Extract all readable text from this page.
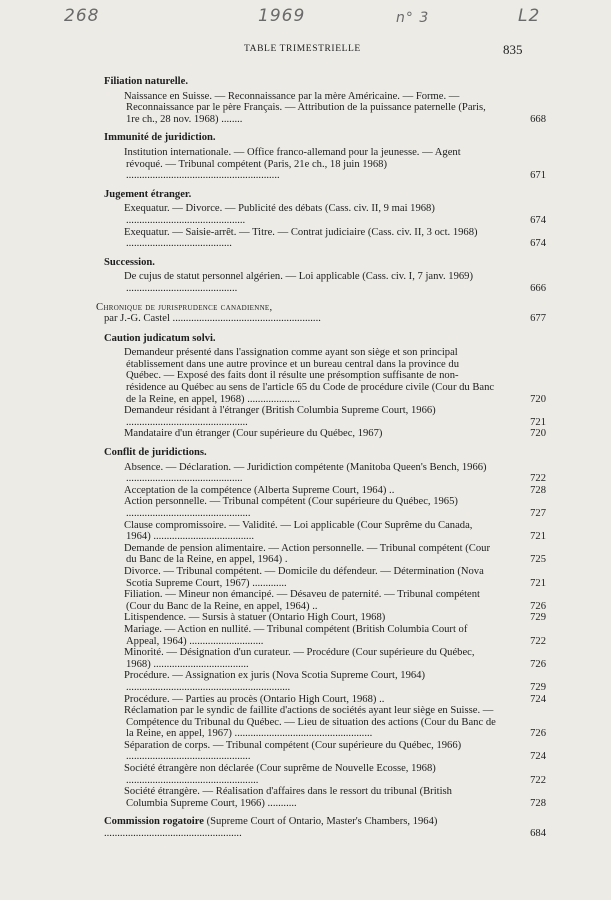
268	1969	n° 3	L2
TABLE TRIMESTRIELLE	835
Filiation naturelle.
Naissance en Suisse. — Reconnaissance par la mère Américaine. — Forme. — Reconnaissance par le père Français. — Attribution de la puissance paternelle (Paris, 1re ch., 28 nov. 1968) ........	668
Immunité de juridiction.
Institution internationale. — Office franco-allemand pour la jeunesse. — Agent révoqué. — Tribunal compétent (Paris, 21e ch., 18 juin 1968) ..........................................................	671
Jugement étranger.
Exequatur. — Divorce. — Publicité des débats (Cass. civ. II, 9 mai 1968) .............................................	674
Exequatur. — Saisie-arrêt. — Titre. — Contrat judiciaire (Cass. civ. II, 3 oct. 1968) ........................................	674
Succession.
De cujus de statut personnel algérien. — Loi applicable (Cass. civ. I, 7 janv. 1969) ..........................................	666
Chronique de jurisprudence canadienne,
par J.-G. Castel ........................................................	677
Caution judicatum solvi.
Demandeur présenté dans l'assignation comme ayant son siège et son principal établissement dans une autre province et un bureau central dans la province du Québec. — Exposé des faits dont il résulte une présomption suffisante de non-résidence au Québec au sens de l'article 65 du Code de procédure civile (Cour du Banc de la Reine, en appel, 1968) ....................	720
Demandeur résidant à l'étranger (British Columbia Supreme Court, 1966) ..............................................	721
Mandataire d'un étranger (Cour supérieure du Québec, 1967)	720
Conflit de juridictions.
Absence. — Déclaration. — Juridiction compétente (Manitoba Queen's Bench, 1966) ............................................	722
Acceptation de la compétence (Alberta Supreme Court, 1964) ..	728
Action personnelle. — Tribunal compétent (Cour supérieure du Québec, 1965) ...............................................	727
Clause compromissoire. — Validité. — Loi applicable (Cour Suprême du Canada, 1964) ......................................	721
Demande de pension alimentaire. — Action personnelle. — Tribunal compétent (Cour du Banc de la Reine, en appel, 1964) .	725
Divorce. — Tribunal compétent. — Domicile du défendeur. — Détermination (Nova Scotia Supreme Court, 1967) .............	721
Filiation. — Mineur non émancipé. — Désaveu de paternité. — Tribunal compétent (Cour du Banc de la Reine, en appel, 1964) ..	726
Litispendence. — Sursis à statuer (Ontario High Court, 1968)	729
Mariage. — Action en nullité. — Tribunal compétent (British Columbia Court of Appeal, 1964) ............................	722
Minorité. — Désignation d'un curateur. — Procédure (Cour supérieure du Québec, 1968) ....................................	726
Procédure. — Assignation ex juris (Nova Scotia Supreme Court, 1964) ..............................................................	729
Procédure. — Parties au procès (Ontario High Court, 1968) ..	724
Réclamation par le syndic de faillite d'actions de sociétés ayant leur siège en Suisse. — Compétence du Tribunal du Québec. — Lieu de situation des actions (Cour du Banc de la Reine, en appel, 1967) ....................................................	726
Séparation de corps. — Tribunal compétent (Cour supérieure du Québec, 1966) ...............................................	724
Société étrangère non déclarée (Cour suprême de Nouvelle Ecosse, 1968) ..................................................	722
Société étrangère. — Réalisation d'affaires dans le ressort du tribunal (British Columbia Supreme Court, 1966) ...........	728
Commission rogatoire (Supreme Court of Ontario, Master's Chambers, 1964) ....................................................	684
